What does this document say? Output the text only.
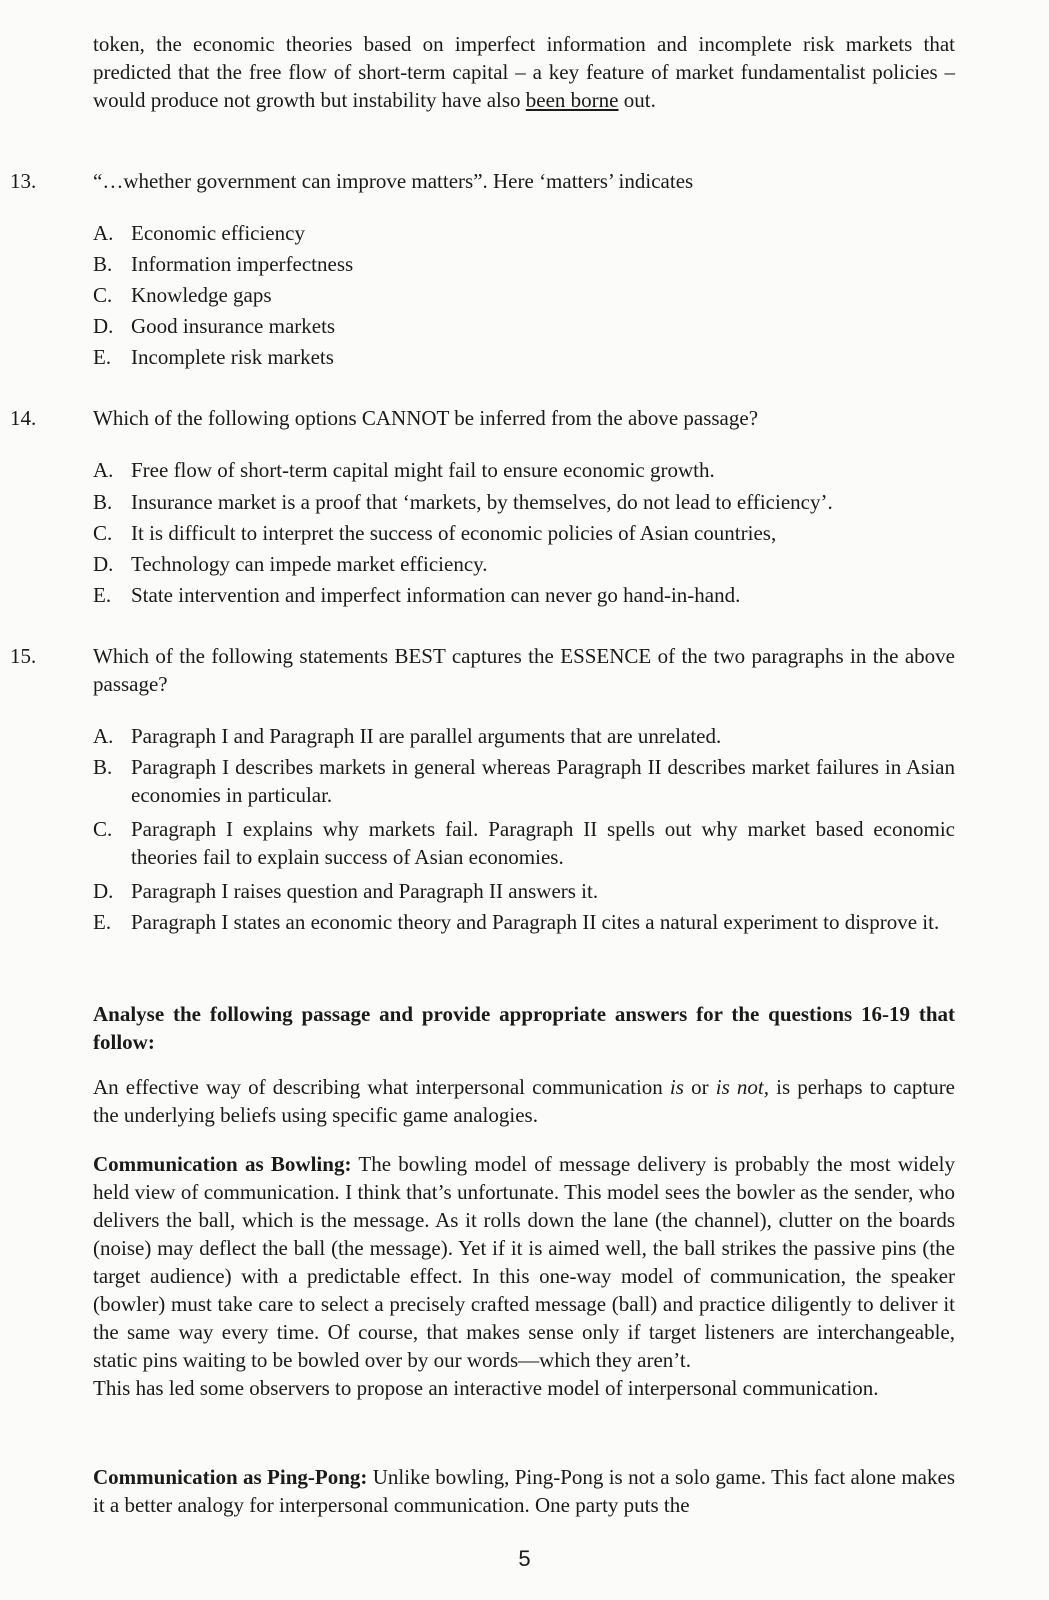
token, the economic theories based on imperfect information and incomplete risk markets that predicted that the free flow of short-term capital – a key feature of market fundamentalist policies – would produce not growth but instability have also been borne out.

13.	“…whether government can improve matters”. Here ‘matters’ indicates
A. Economic efficiency
B. Information imperfectness
C. Knowledge gaps
D. Good insurance markets
E. Incomplete risk markets
14.	Which of the following options CANNOT be inferred from the above passage?
A. Free flow of short-term capital might fail to ensure economic growth.
B. Insurance market is a proof that ‘markets, by themselves, do not lead to efficiency’.
C. It is difficult to interpret the success of economic policies of Asian countries,
D. Technology can impede market efficiency.
E. State intervention and imperfect information can never go hand-in-hand.
15.	Which of the following statements BEST captures the ESSENCE of the two paragraphs in the above passage?
A. Paragraph I and Paragraph II are parallel arguments that are unrelated.
B. Paragraph I describes markets in general whereas Paragraph II describes market failures in Asian economies in particular.
C. Paragraph I explains why markets fail. Paragraph II spells out why market based economic theories fail to explain success of Asian economies.
D. Paragraph I raises question and Paragraph II answers it.
E. Paragraph I states an economic theory and Paragraph II cites a natural experiment to disprove it.

Analyse the following passage and provide appropriate answers for the questions 16-19 that follow:

An effective way of describing what interpersonal communication is or is not, is perhaps to capture the underlying beliefs using specific game analogies.

Communication as Bowling: The bowling model of message delivery is probably the most widely held view of communication. I think that’s unfortunate. This model sees the bowler as the sender, who delivers the ball, which is the message. As it rolls down the lane (the channel), clutter on the boards (noise) may deflect the ball (the message). Yet if it is aimed well, the ball strikes the passive pins (the target audience) with a predictable effect. In this one-way model of communication, the speaker (bowler) must take care to select a precisely crafted message (ball) and practice diligently to deliver it the same way every time. Of course, that makes sense only if target listeners are interchangeable, static pins waiting to be bowled over by our words—which they aren’t.

This has led some observers to propose an interactive model of interpersonal communication.

Communication as Ping-Pong: Unlike bowling, Ping-Pong is not a solo game. This fact alone makes it a better analogy for interpersonal communication. One party puts the

5
